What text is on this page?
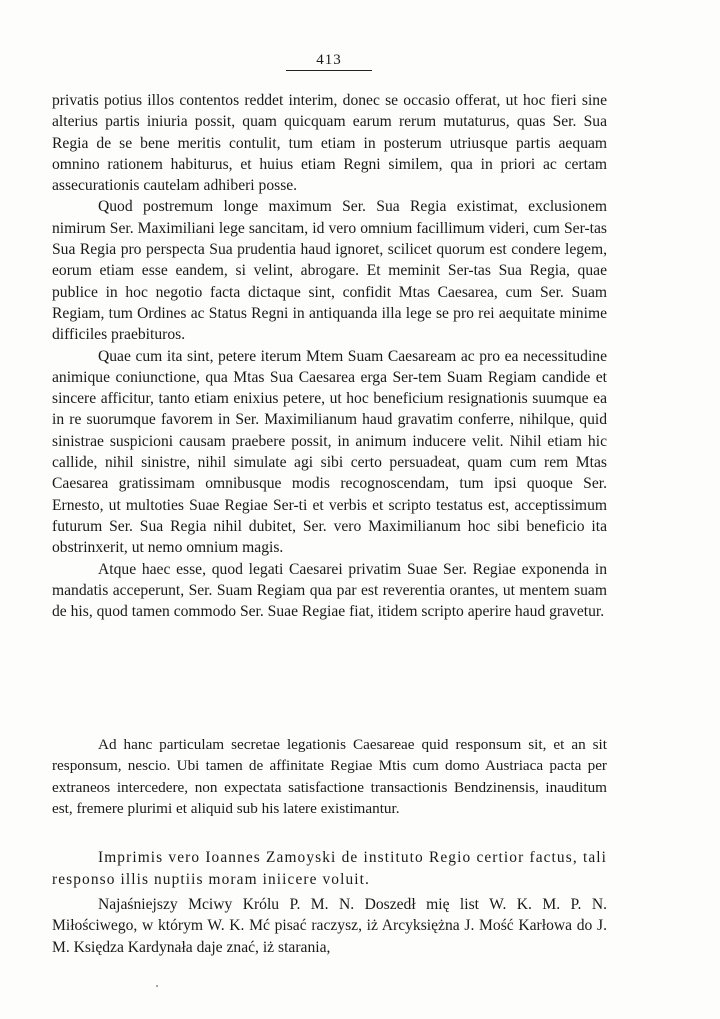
413

privatis potius illos contentos reddet interim, donec se occasio offerat, ut hoc fieri sine alterius partis iniuria possit, quam quicquam earum rerum mutaturus, quas Ser. Sua Regia de se bene meritis contulit, tum etiam in posterum utriusque partis aequam omnino rationem habiturus, et huius etiam Regni similem, qua in priori ac certam assecurationis cautelam adhiberi posse.

Quod postremum longe maximum Ser. Sua Regia existimat, exclusionem nimirum Ser. Maximiliani lege sancitam, id vero omnium facillimum videri, cum Ser-tas Sua Regia pro perspecta Sua prudentia haud ignoret, scilicet quorum est condere legem, eorum etiam esse eandem, si velint, abrogare. Et meminit Ser-tas Sua Regia, quae publice in hoc negotio facta dictaque sint, confidit Mtas Caesarea, cum Ser. Suam Regiam, tum Ordines ac Status Regni in antiquanda illa lege se pro rei aequitate minime difficiles praebituros.

Quae cum ita sint, petere iterum Mtem Suam Caesaream ac pro ea necessitudine animique coniunctione, qua Mtas Sua Caesarea erga Ser-tem Suam Regiam candide et sincere afficitur, tanto etiam enixius petere, ut hoc beneficium resignationis suumque ea in re suorumque favorem in Ser. Maximilianum haud gravatim conferre, nihilque, quid sinistrae suspicioni causam praebere possit, in animum inducere velit. Nihil etiam hic callide, nihil sinistre, nihil simulate agi sibi certo persuadeat, quam cum rem Mtas Caesarea gratissimam omnibusque modis recognoscendam, tum ipsi quoque Ser. Ernesto, ut multoties Suae Regiae Ser-ti et verbis et scripto testatus est, acceptissimum futurum Ser. Sua Regia nihil dubitet, Ser. vero Maximilianum hoc sibi beneficio ita obstrinxerit, ut nemo omnium magis.

Atque haec esse, quod legati Caesarei privatim Suae Ser. Regiae exponenda in mandatis acceperunt, Ser. Suam Regiam qua par est reverentia orantes, ut mentem suam de his, quod tamen commodo Ser. Suae Regiae fiat, itidem scripto aperire haud gravetur.

Ad hanc particulam secretae legationis Caesareae quid responsum sit, et an sit responsum, nescio. Ubi tamen de affinitate Regiae Mtis cum domo Austriaca pacta per extraneos intercedere, non expectata satisfactione transactionis Bendzinensis, inauditum est, fremere plurimi et aliquid sub his latere existimantur.

Imprimis vero Ioannes Zamoyski de instituto Regio certior factus, tali responso illis nuptiis moram iniicere voluit.

Najaśniejszy Mciwy Królu P. M. N. Doszedł mię list W. K. M. P. N. Miłościwego, w którym W. K. Mć pisać raczysz, iż Arcyksiężna J. Mość Karłowa do J. M. Księdza Kardynała daje znać, iż starania,
